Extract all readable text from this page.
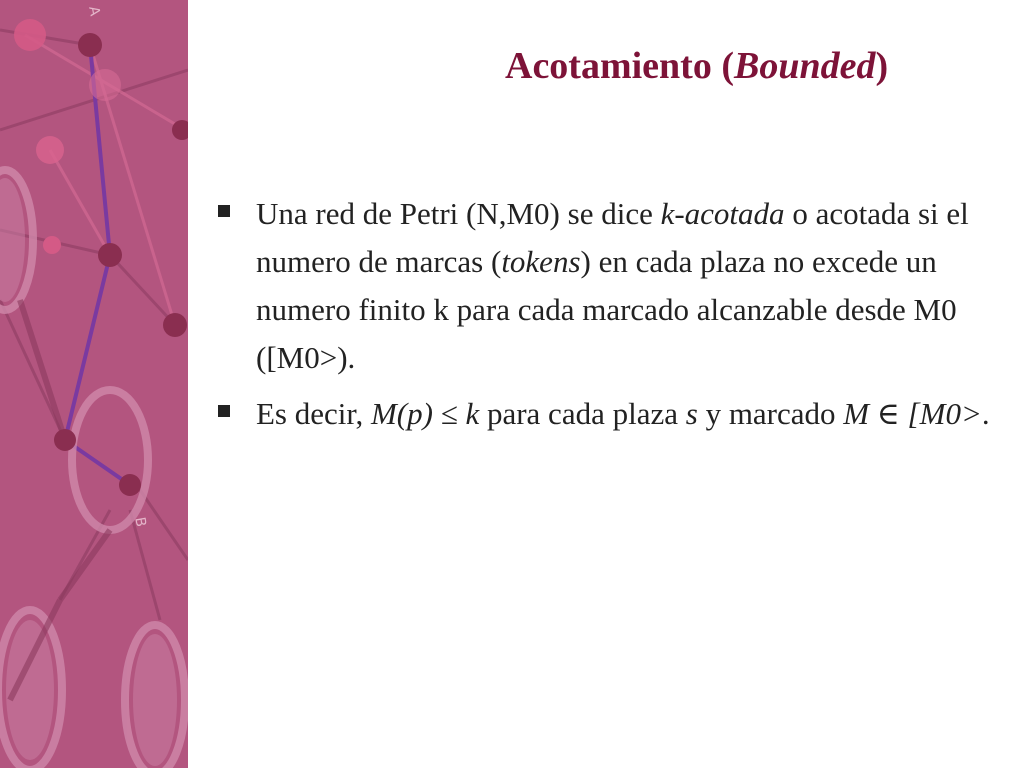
A
B
Acotamiento (Bounded)
Una red de Petri (N,M0) se dice k-acotada o acotada si el numero de marcas (tokens) en cada plaza no excede un numero finito k para cada marcado alcanzable desde M0 ([M0>).
Es decir, M(p) ≤ k para cada plaza s y marcado M ∈ [M0>.
